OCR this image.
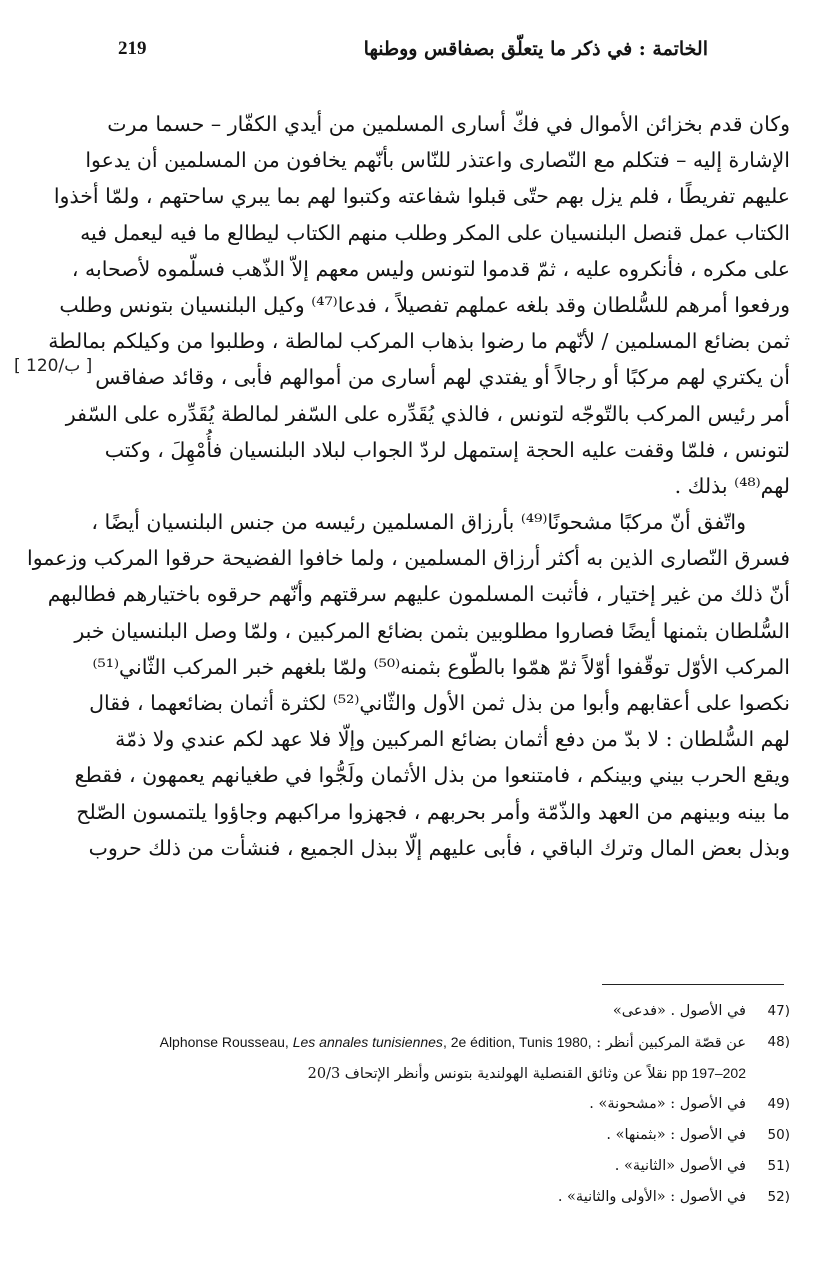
الخاتمة : في ذكر ما يتعلّق بصفاقس ووطنها
219
[ 120/ب ]
وكان قدم بخزائن الأموال في فكّ أسارى المسلمين من أيدي الكفّار – حسما مرت
الإشارة إليه – فتكلم مع النّصارى واعتذر للنّاس بأنّهم يخافون من المسلمين أن يدعوا
عليهم تفريطًا ، فلم يزل بهم حتّى قبلوا شفاعته وكتبوا لهم بما يبري ساحتهم ، ولمّا أخذوا
الكتاب عمل قنصل البلنسيان على المكر وطلب منهم الكتاب ليطالع ما فيه ليعمل فيه
على مكره ، فأنكروه عليه ، ثمّ قدموا لتونس وليس معهم إلاّ الذّهب فسلّموه لأصحابه ،
ورفعوا أمرهم للسُّلطان وقد بلغه عملهم تفصيلاً ، فدعا⁽⁴⁷⁾ وكيل البلنسيان بتونس وطلب
ثمن بضائع المسلمين / لأنّهم ما رضوا بذهاب المركب لمالطة ، وطلبوا من وكيلكم بمالطة
أن يكتري لهم مركبًا أو رجالاً أو يفتدي لهم أسارى من أموالهم فأبى ، وقائد صفاقس
أمر رئيس المركب بالتّوجّه لتونس ، فالذي يُقَدِّره على السّفر لمالطة يُقَدِّره على السّفر
لتونس ، فلمّا وقفت عليه الحجة إستمهل لردّ الجواب لبلاد البلنسيان فأُمْهِلَ ، وكتب
لهم⁽⁴⁸⁾ بذلك .
واتّفق أنّ مركبًا مشحونًا⁽⁴⁹⁾ بأرزاق المسلمين رئيسه من جنس البلنسيان أيضًا ،
فسرق النّصارى الذين به أكثر أرزاق المسلمين ، ولما خافوا الفضيحة حرقوا المركب وزعموا
أنّ ذلك من غير إختيار ، فأثبت المسلمون عليهم سرقتهم وأنّهم حرقوه باختيارهم فطالبهم
السُّلطان بثمنها أيضًا فصاروا مطلوبين بثمن بضائع المركبين ، ولمّا وصل البلنسيان خبر
المركب الأوّل توقّفوا أوّلاً ثمّ همّوا بالطّوع بثمنه⁽⁵⁰⁾ ولمّا بلغهم خبر المركب الثّاني⁽⁵¹⁾
نكصوا على أعقابهم وأبوا من بذل ثمن الأول والثّاني⁽⁵²⁾ لكثرة أثمان بضائعهما ، فقال
لهم السُّلطان : لا بدّ من دفع أثمان بضائع المركبين وإلّا فلا عهد لكم عندي ولا ذمّة
ويقع الحرب بيني وبينكم ، فامتنعوا من بذل الأثمان ولَجُّوا في طغيانهم يعمهون ، فقطع
ما بينه وبينهم من العهد والذّمّة وأمر بحربهم ، فجهزوا مراكبهم وجاؤوا يلتمسون الصّلح
وبذل بعض المال وترك الباقي ، فأبى عليهم إلّا ببذل الجميع ، فنشأت من ذلك حروب
(47
في الأصول . «فدعى»
(48
عن قصّة المركبين أنظر : Alphonse Rousseau, Les annales tunisiennes, 2e édition, Tunis 1980,
pp 197–202 نقلاً عن وثائق القنصلية الهولندية بتونس وأنظر الإتحاف 20/3
(49
في الأصول : «مشحونة» .
(50
في الأصول : «بثمنها» .
(51
في الأصول «الثانية» .
(52
في الأصول : «الأولى والثانية» .
